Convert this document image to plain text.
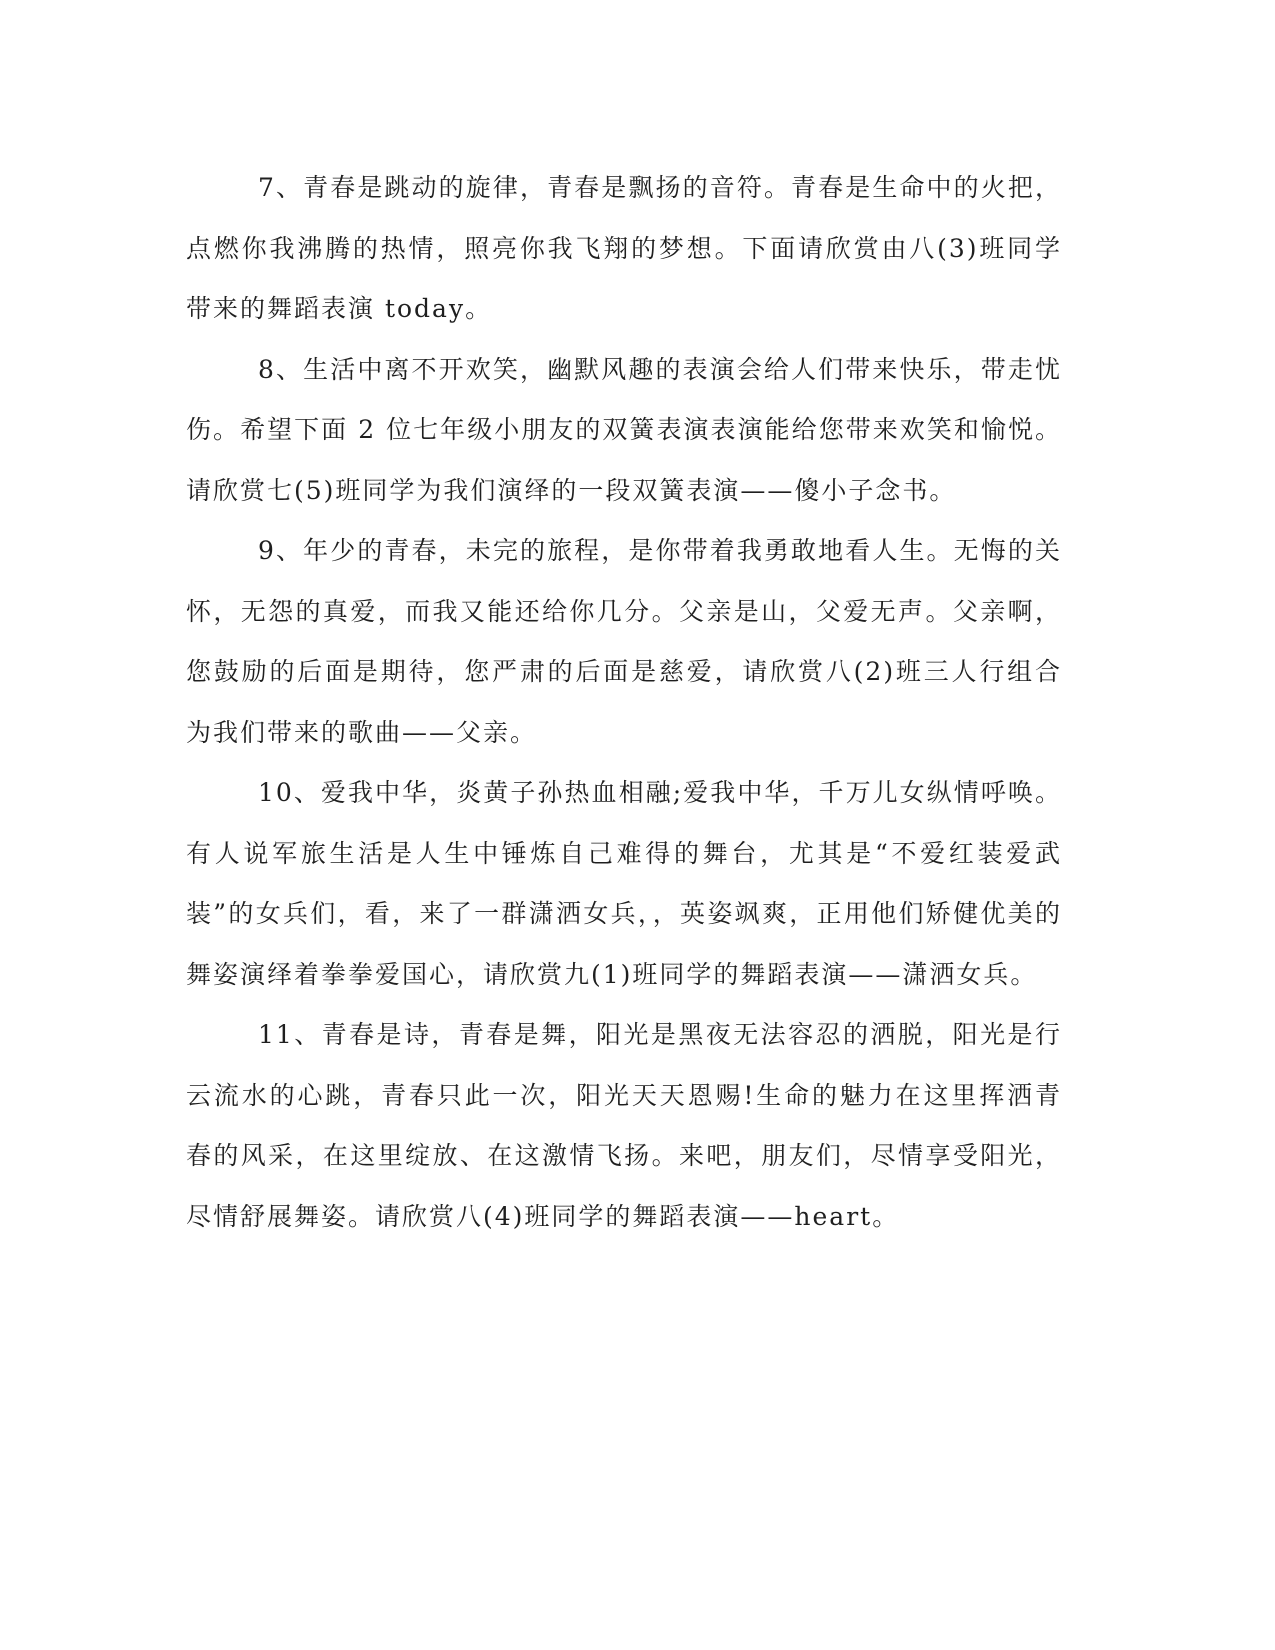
7、青春是跳动的旋律，青春是飘扬的音符。青春是生命中的火把，点燃你我沸腾的热情，照亮你我飞翔的梦想。下面请欣赏由八(3)班同学带来的舞蹈表演 today。

8、生活中离不开欢笑，幽默风趣的表演会给人们带来快乐，带走忧伤。希望下面 2 位七年级小朋友的双簧表演表演能给您带来欢笑和愉悦。请欣赏七(5)班同学为我们演绎的一段双簧表演——傻小子念书。

9、年少的青春，未完的旅程，是你带着我勇敢地看人生。无悔的关怀，无怨的真爱，而我又能还给你几分。父亲是山，父爱无声。父亲啊，您鼓励的后面是期待，您严肃的后面是慈爱，请欣赏八(2)班三人行组合为我们带来的歌曲——父亲。

10、爱我中华，炎黄子孙热血相融;爱我中华，千万儿女纵情呼唤。有人说军旅生活是人生中锤炼自己难得的舞台，尤其是“不爱红装爱武装”的女兵们，看，来了一群潇洒女兵，，英姿飒爽，正用他们矫健优美的舞姿演绎着拳拳爱国心，请欣赏九(1)班同学的舞蹈表演——潇洒女兵。

11、青春是诗，青春是舞，阳光是黑夜无法容忍的洒脱，阳光是行云流水的心跳，青春只此一次，阳光天天恩赐!生命的魅力在这里挥洒青春的风采，在这里绽放、在这激情飞扬。来吧，朋友们，尽情享受阳光，尽情舒展舞姿。请欣赏八(4)班同学的舞蹈表演——heart。
